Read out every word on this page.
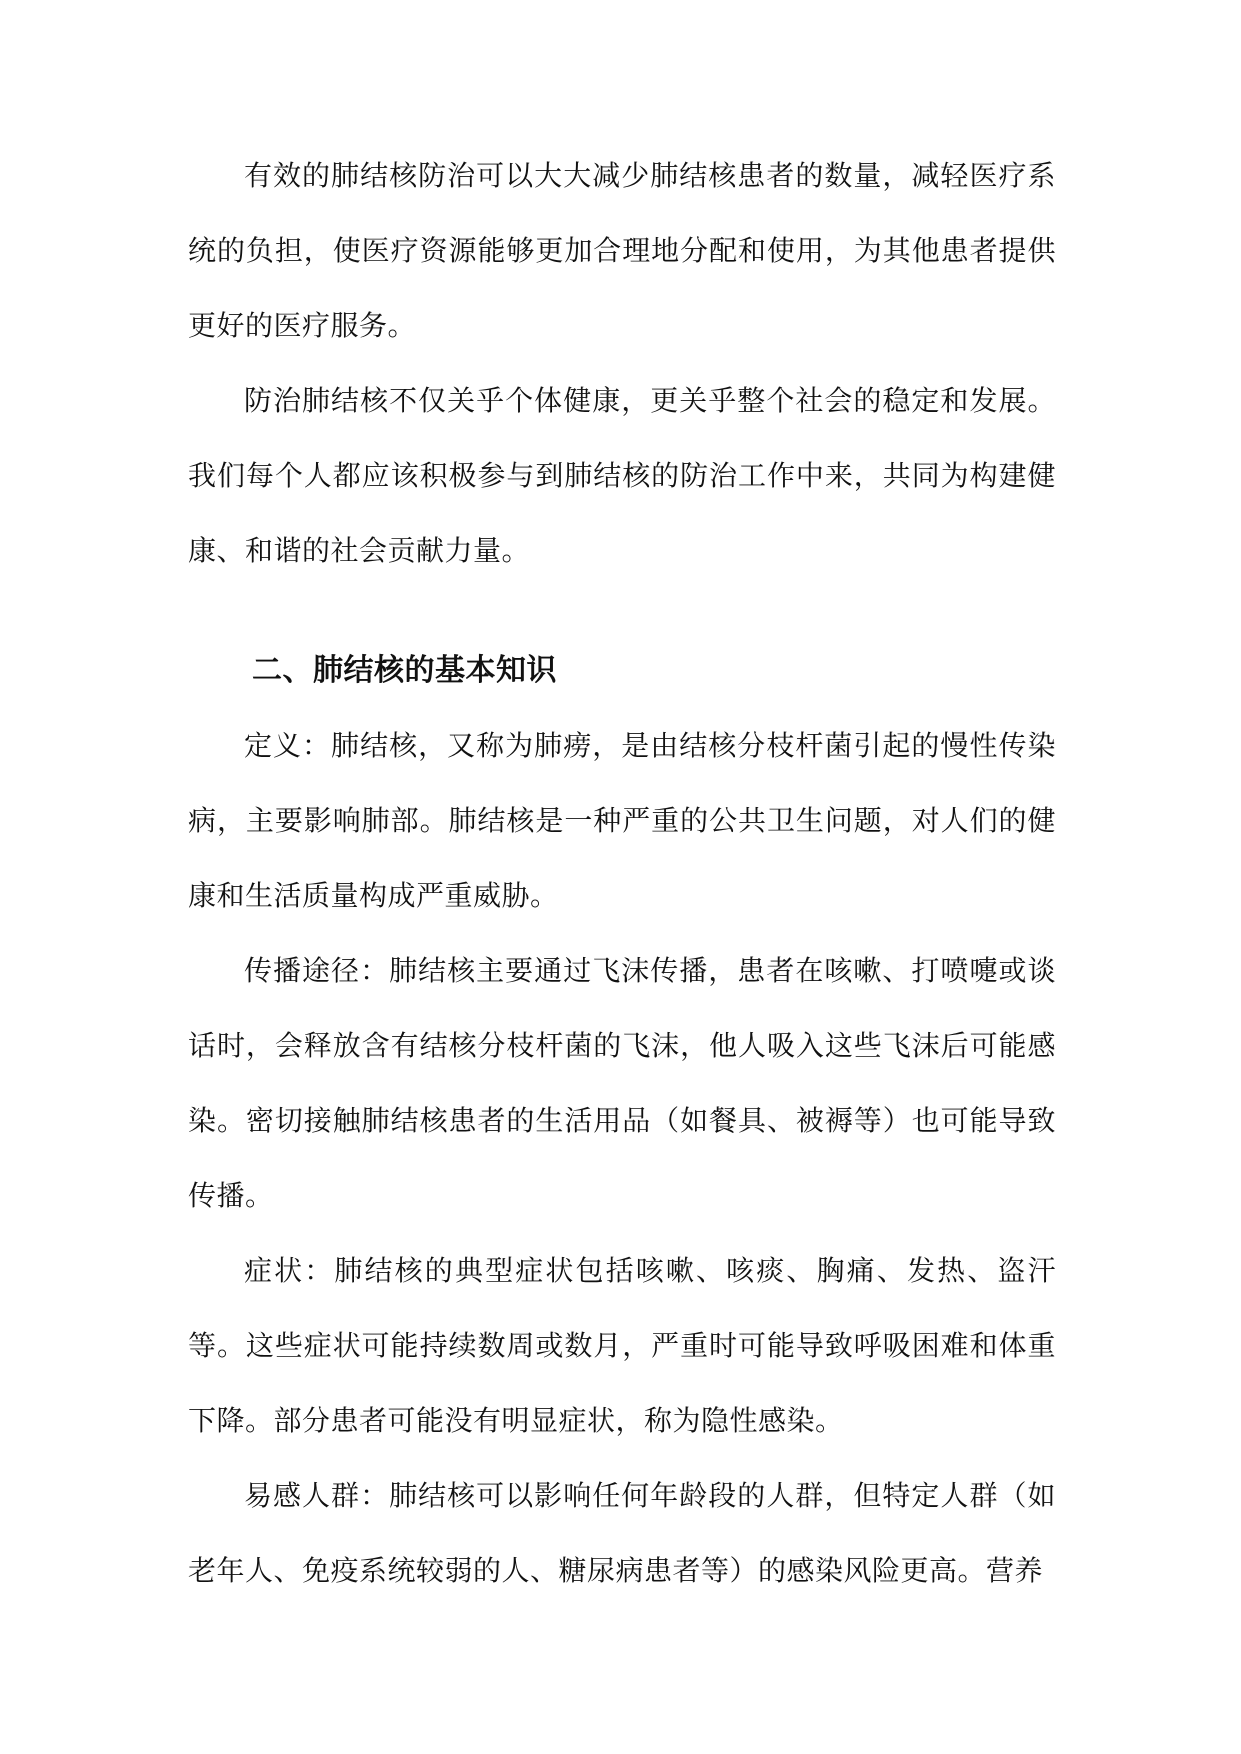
有效的肺结核防治可以大大减少肺结核患者的数量，减轻医疗系统的负担，使医疗资源能够更加合理地分配和使用，为其他患者提供更好的医疗服务。

防治肺结核不仅关乎个体健康，更关乎整个社会的稳定和发展。我们每个人都应该积极参与到肺结核的防治工作中来，共同为构建健康、和谐的社会贡献力量。

二、肺结核的基本知识

定义：肺结核，又称为肺痨，是由结核分枝杆菌引起的慢性传染病，主要影响肺部。肺结核是一种严重的公共卫生问题，对人们的健康和生活质量构成严重威胁。

传播途径：肺结核主要通过飞沫传播，患者在咳嗽、打喷嚏或谈话时，会释放含有结核分枝杆菌的飞沫，他人吸入这些飞沫后可能感染。密切接触肺结核患者的生活用品（如餐具、被褥等）也可能导致传播。

症状：肺结核的典型症状包括咳嗽、咳痰、胸痛、发热、盗汗等。这些症状可能持续数周或数月，严重时可能导致呼吸困难和体重下降。部分患者可能没有明显症状，称为隐性感染。

易感人群：肺结核可以影响任何年龄段的人群，但特定人群（如老年人、免疫系统较弱的人、糖尿病患者等）的感染风险更高。营养
